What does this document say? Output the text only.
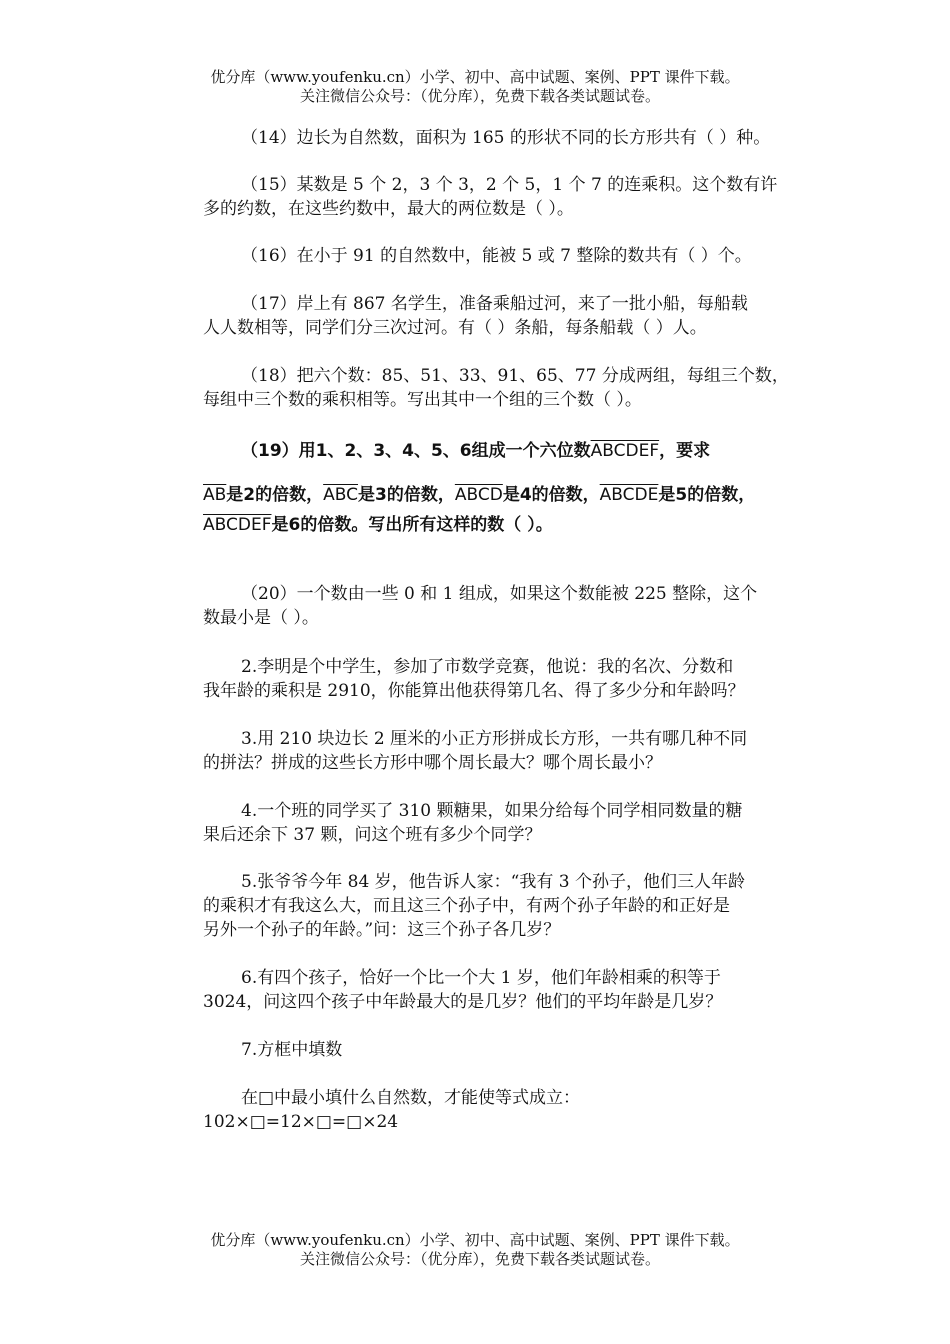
优分库（www.youfenku.cn）小学、初中、高中试题、案例、PPT 课件下载。
关注微信公众号：（优分库），免费下载各类试题试卷。
（14）边长为自然数，面积为 165 的形状不同的长方形共有（ ）种。
（15）某数是 5 个 2，3 个 3，2 个 5，1 个 7 的连乘积。这个数有许
多的约数，在这些约数中，最大的两位数是（ ）。
（16）在小于 91 的自然数中，能被 5 或 7 整除的数共有（ ）个。
（17）岸上有 867 名学生，准备乘船过河，来了一批小船，每船载
人人数相等，同学们分三次过河。有（ ）条船，每条船载（ ）人。
（18）把六个数：85、51、33、91、65、77 分成两组，每组三个数，
每组中三个数的乘积相等。写出其中一个组的三个数（ ）。
（19）用1、2、3、4、5、6组成一个六位数ABCDEF，要求
$\overline{AB}$是2的倍数，$\overline{ABC}$是3的倍数，ABCD是4的倍数，ABCDE是5的倍数，
ABCDEF是6的倍数。写出所有这样的数（ ）。
（20）一个数由一些 0 和 1 组成，如果这个数能被 225 整除，这个
数最小是（ ）。
2.李明是个中学生，参加了市数学竞赛，他说：我的名次、分数和
我年龄的乘积是 2910，你能算出他获得第几名、得了多少分和年龄吗？
3.用 210 块边长 2 厘米的小正方形拼成长方形，一共有哪几种不同
的拼法？拼成的这些长方形中哪个周长最大？哪个周长最小？
4.一个班的同学买了 310 颗糖果，如果分给每个同学相同数量的糖
果后还余下 37 颗，问这个班有多少个同学？
5.张爷爷今年 84 岁，他告诉人家：“我有 3 个孙子，他们三人年龄
的乘积才有我这么大，而且这三个孙子中，有两个孙子年龄的和正好是
另外一个孙子的年龄。”问：这三个孙子各几岁？
6.有四个孩子，恰好一个比一个大 1 岁，他们年龄相乘的积等于
3024，问这四个孩子中年龄最大的是几岁？他们的平均年龄是几岁？
7.方框中填数
在□中最小填什么自然数，才能使等式成立：
102×□=12×□=□×24
优分库（www.youfenku.cn）小学、初中、高中试题、案例、PPT 课件下载。
关注微信公众号：（优分库），免费下载各类试题试卷。
